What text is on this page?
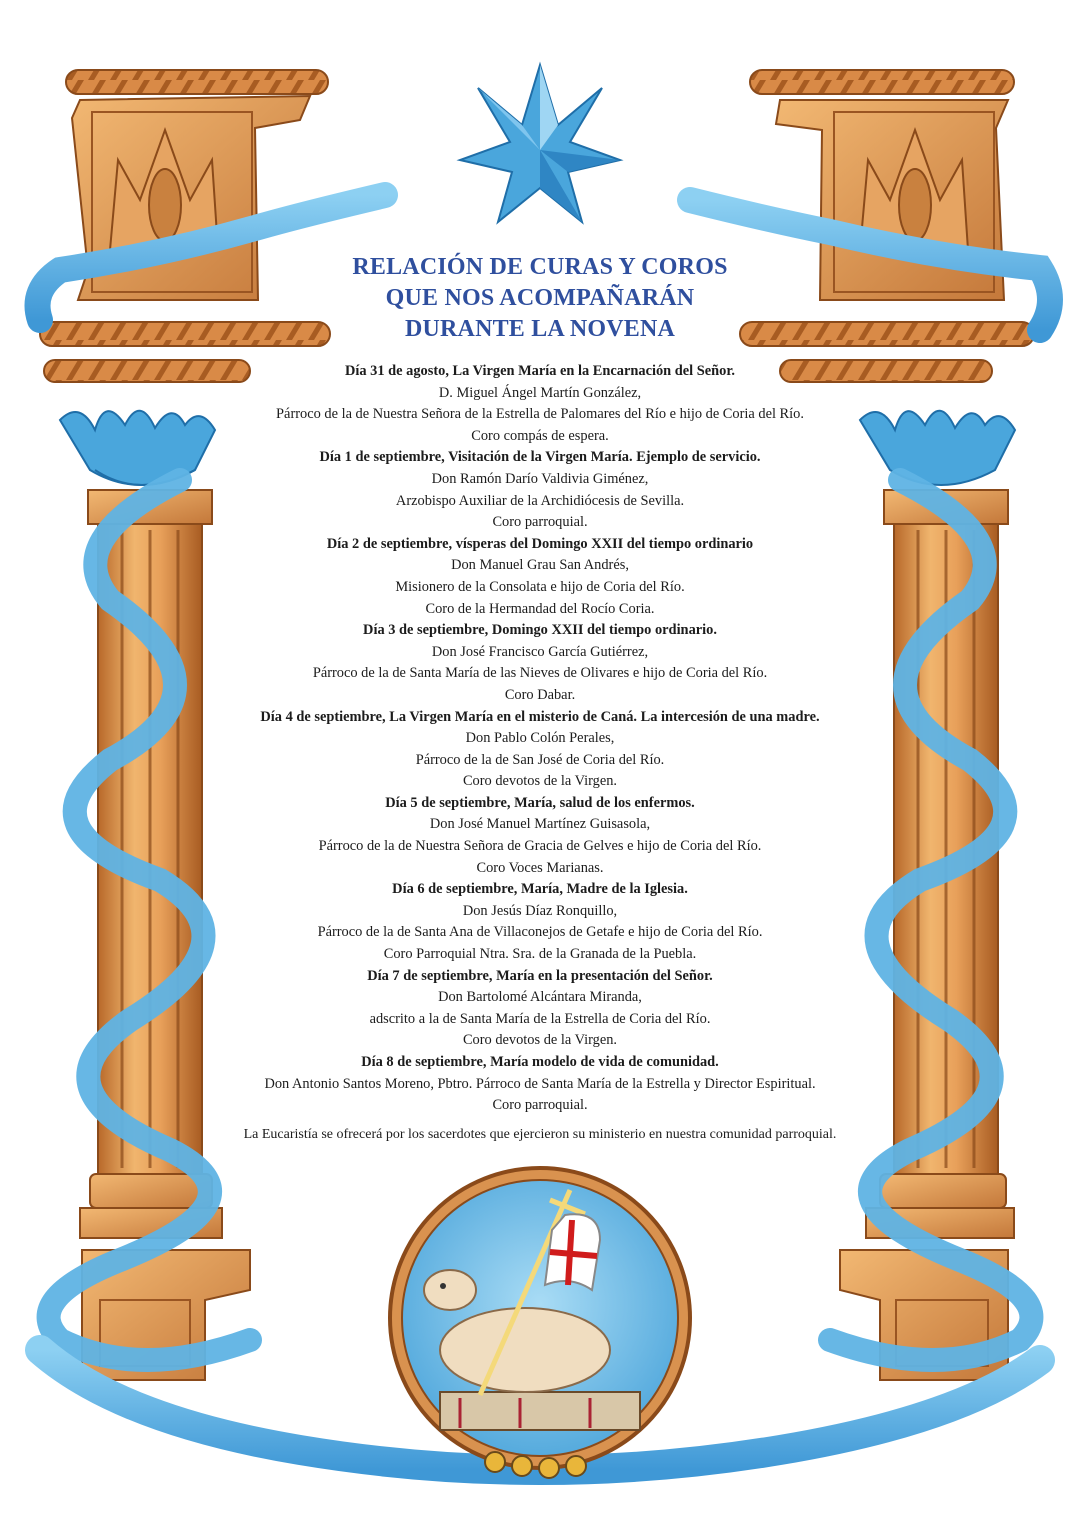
RELACIÓN DE CURAS Y COROS
QUE NOS ACOMPAÑARÁN
DURANTE LA NOVENA
Día 31 de agosto, La Virgen María en la Encarnación del Señor.
D. Miguel Ángel Martín González,
Párroco de la de Nuestra Señora de la Estrella de Palomares del Río e hijo de Coria del Río.
Coro compás de espera.
Día 1 de septiembre, Visitación de la Virgen María. Ejemplo de servicio.
Don Ramón Darío Valdivia Giménez,
Arzobispo Auxiliar de la Archidiócesis de Sevilla.
Coro parroquial.
Día 2 de septiembre, vísperas del Domingo XXII del tiempo ordinario
Don Manuel Grau San Andrés,
Misionero de la Consolata e hijo de Coria del Río.
Coro de la Hermandad del Rocío Coria.
Día 3 de septiembre, Domingo XXII del tiempo ordinario.
Don José Francisco García Gutiérrez,
Párroco de la de Santa María de las Nieves de Olivares e hijo de Coria del Río.
Coro Dabar.
Día 4 de septiembre, La Virgen María en el misterio de Caná. La intercesión de una madre.
Don Pablo Colón Perales,
Párroco de la de San José de Coria del Río.
Coro devotos de la Virgen.
Día 5 de septiembre, María, salud de los enfermos.
Don José Manuel Martínez Guisasola,
Párroco de la de Nuestra Señora de Gracia de Gelves e hijo de Coria del Río.
Coro Voces Marianas.
Día 6 de septiembre, María, Madre de la Iglesia.
Don Jesús Díaz Ronquillo,
Párroco de la de Santa Ana de Villaconejos de Getafe e hijo de Coria del Río.
Coro Parroquial Ntra. Sra. de la Granada de la Puebla.
Día 7 de septiembre, María en la presentación del Señor.
Don Bartolomé Alcántara Miranda,
adscrito a la de Santa María de la Estrella de Coria del Río.
Coro devotos de la Virgen.
Día 8 de septiembre, María modelo de vida de comunidad.
Don Antonio Santos Moreno, Pbtro. Párroco de Santa María de la Estrella y Director Espiritual.
Coro parroquial.
La Eucaristía se ofrecerá por los sacerdotes que ejercieron su ministerio en nuestra comunidad parroquial.
